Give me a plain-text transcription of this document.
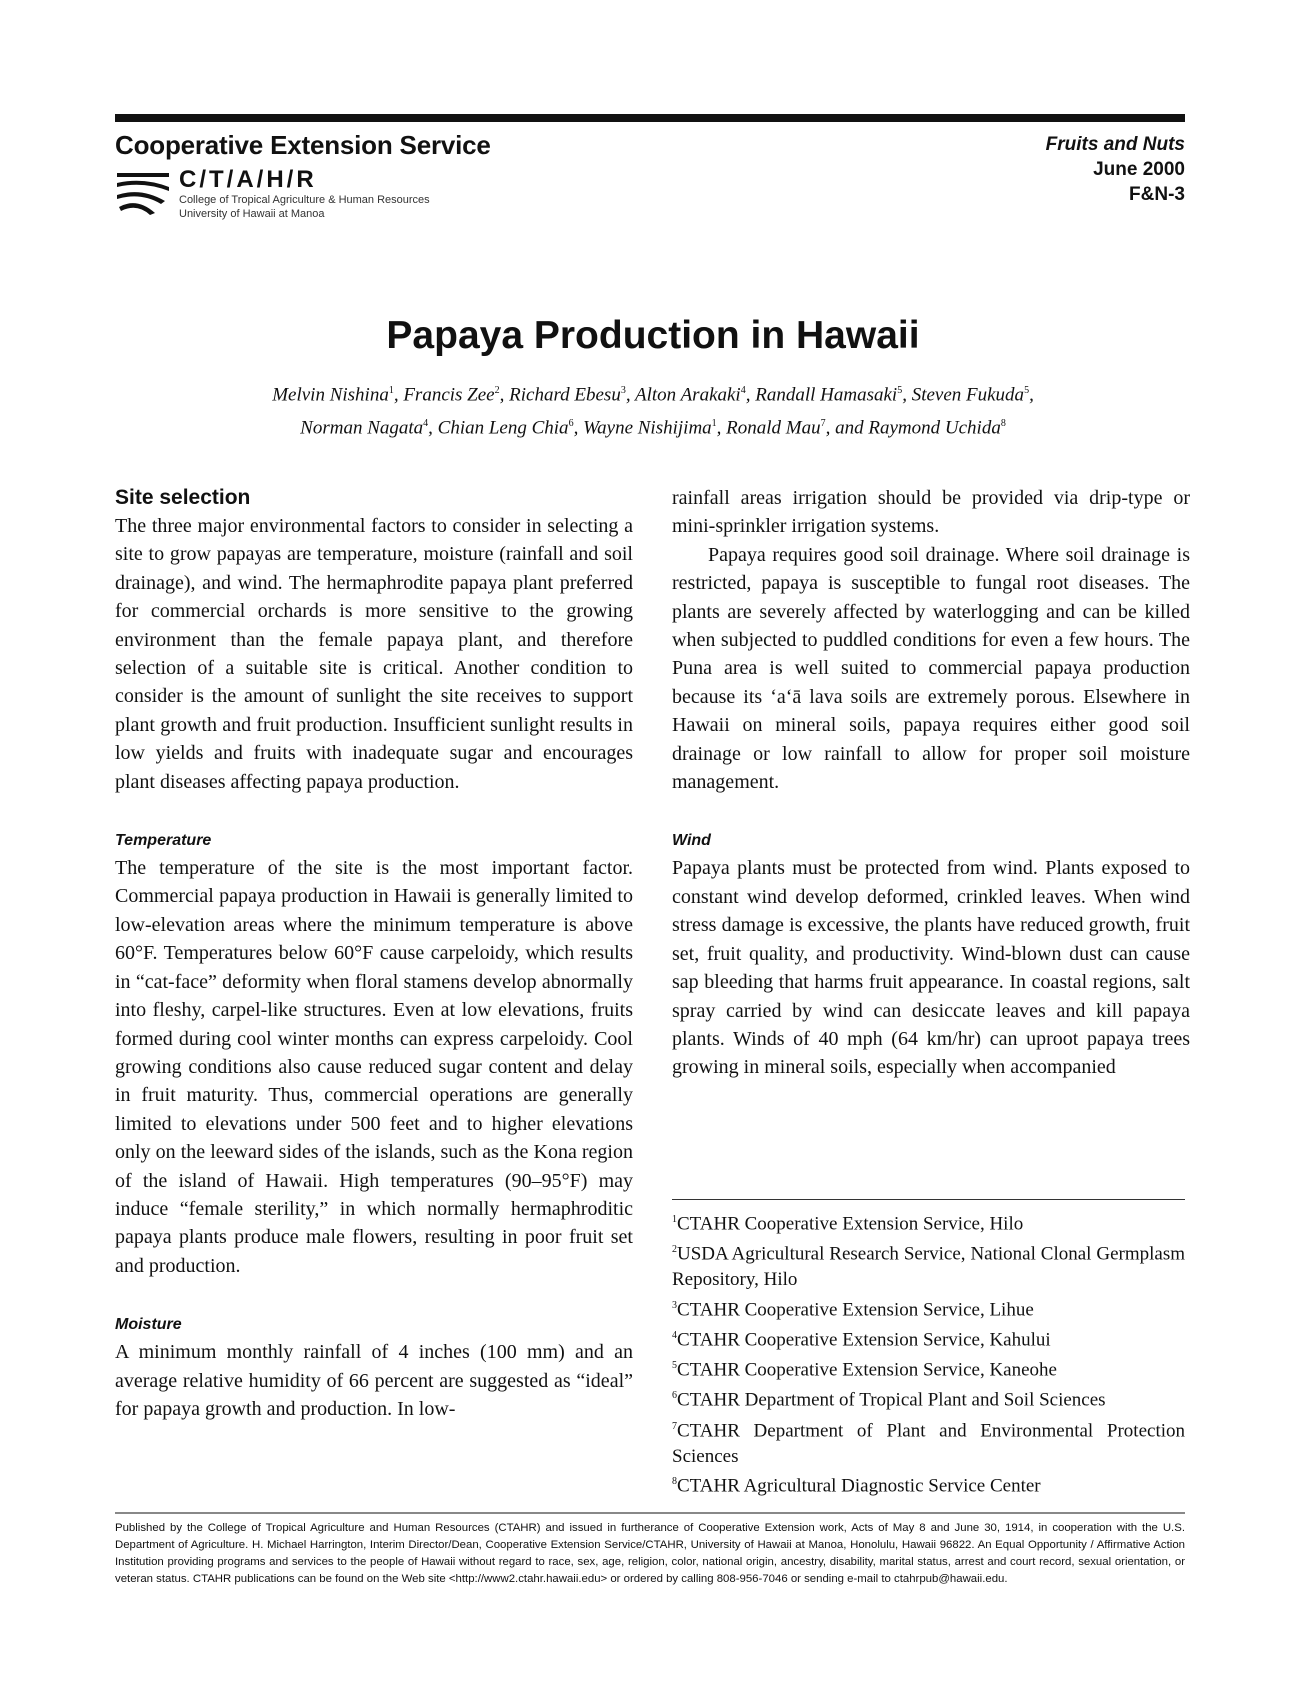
Cooperative Extension Service
C/T/A/H/R
College of Tropical Agriculture & Human Resources
University of Hawaii at Manoa
Fruits and Nuts
June 2000
F&N-3
Papaya Production in Hawaii
Melvin Nishina$^1$, Francis Zee$^2$, Richard Ebesu$^3$, Alton Arakaki$^4$, Randall Hamasaki$^5$, Steven Fukuda$^5$,
Norman Nagata$^4$, Chian Leng Chia$^6$, Wayne Nishijima$^1$, Ronald Mau$^7$, and Raymond Uchida$^8$
Site selection

The three major environmental factors to consider in selecting a site to grow papayas are temperature, moisture (rainfall and soil drainage), and wind. The hermaphrodite papaya plant preferred for commercial orchards is more sensitive to the growing environment than the female papaya plant, and therefore selection of a suitable site is critical. Another condition to consider is the amount of sunlight the site receives to support plant growth and fruit production. Insufficient sunlight results in low yields and fruits with inadequate sugar and encourages plant diseases affecting papaya production.

Temperature

The temperature of the site is the most important factor. Commercial papaya production in Hawaii is generally limited to low-elevation areas where the minimum temperature is above 60°F. Temperatures below 60°F cause carpeloidy, which results in “cat-face” deformity when floral stamens develop abnormally into fleshy, carpel-like structures. Even at low elevations, fruits formed during cool winter months can express carpeloidy. Cool growing conditions also cause reduced sugar content and delay in fruit maturity. Thus, commercial operations are generally limited to elevations under 500 feet and to higher elevations only on the leeward sides of the islands, such as the Kona region of the island of Hawaii. High temperatures (90–95°F) may induce “female sterility,” in which normally hermaphroditic papaya plants produce male flowers, resulting in poor fruit set and production.

Moisture

A minimum monthly rainfall of 4 inches (100 mm) and an average relative humidity of 66 percent are suggested as “ideal” for papaya growth and production. In low-

rainfall areas irrigation should be provided via drip-type or mini-sprinkler irrigation systems.

Papaya requires good soil drainage. Where soil drainage is restricted, papaya is susceptible to fungal root diseases. The plants are severely affected by waterlogging and can be killed when subjected to puddled conditions for even a few hours. The Puna area is well suited to commercial papaya production because its ‘a‘ā lava soils are extremely porous. Elsewhere in Hawaii on mineral soils, papaya requires either good soil drainage or low rainfall to allow for proper soil moisture management.

Wind

Papaya plants must be protected from wind. Plants exposed to constant wind develop deformed, crinkled leaves. When wind stress damage is excessive, the plants have reduced growth, fruit set, fruit quality, and productivity. Wind-blown dust can cause sap bleeding that harms fruit appearance. In coastal regions, salt spray carried by wind can desiccate leaves and kill papaya plants. Winds of 40 mph (64 km/hr) can uproot papaya trees growing in mineral soils, especially when accompanied

$^1$CTAHR Cooperative Extension Service, Hilo
$^2$USDA Agricultural Research Service, National Clonal Germplasm Repository, Hilo
$^3$CTAHR Cooperative Extension Service, Lihue
$^4$CTAHR Cooperative Extension Service, Kahului
$^5$CTAHR Cooperative Extension Service, Kaneohe
$^6$CTAHR Department of Tropical Plant and Soil Sciences
$^7$CTAHR Department of Plant and Environmental Protection Sciences
$^8$CTAHR Agricultural Diagnostic Service Center
Published by the College of Tropical Agriculture and Human Resources (CTAHR) and issued in furtherance of Cooperative Extension work, Acts of May 8 and June 30, 1914, in cooperation with the U.S. Department of Agriculture. H. Michael Harrington, Interim Director/Dean, Cooperative Extension Service/CTAHR, University of Hawaii at Manoa, Honolulu, Hawaii 96822. An Equal Opportunity / Affirmative Action Institution providing programs and services to the people of Hawaii without regard to race, sex, age, religion, color, national origin, ancestry, disability, marital status, arrest and court record, sexual orientation, or veteran status. CTAHR publications can be found on the Web site <http://www2.ctahr.hawaii.edu> or ordered by calling 808-956-7046 or sending e-mail to ctahrpub@hawaii.edu.
